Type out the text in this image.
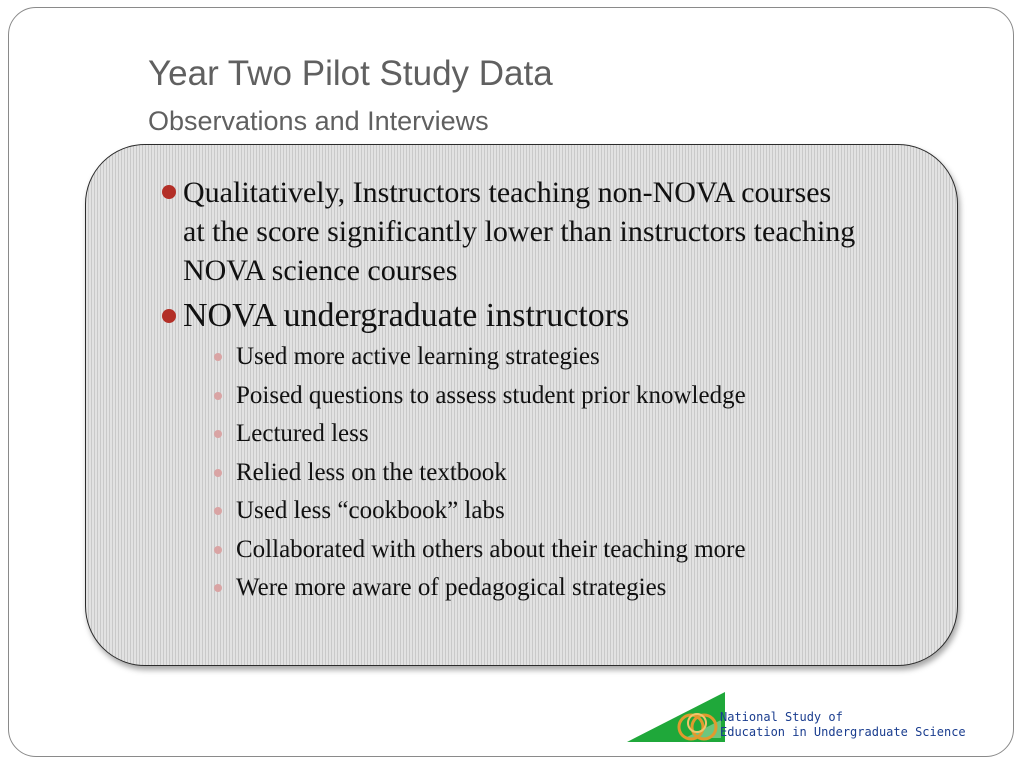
Year Two Pilot Study Data
Observations and Interviews
Qualitatively, Instructors teaching non-NOVA courses at the score significantly lower than instructors teaching NOVA science courses
NOVA undergraduate instructors
Used more active learning strategies
Poised questions to assess student prior knowledge
Lectured less
Relied less on the textbook
Used less “cookbook” labs
Collaborated with others about their teaching more
Were more aware of pedagogical strategies
National Study of
Education in Undergraduate Science
